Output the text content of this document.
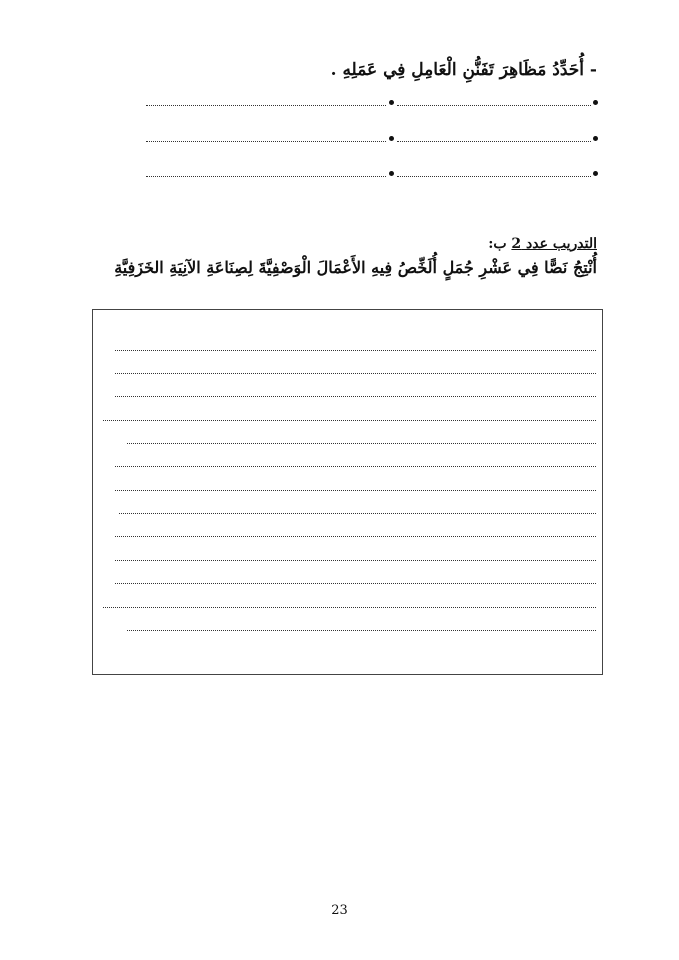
- أُحَدِّدُ مَظَاهِرَ تَفَنُّنِ الْعَامِلِ فِي عَمَلِهِ .
التدريب عدد 2 ب:
أُنْتِجُ نَصًّا فِي عَشْرِ جُمَلٍ أُلَخِّصُ فِيهِ الأَعْمَالَ الْوَصْفِيَّةَ لِصِنَاعَةِ الآنِيَةِ الخَزَفِيَّةِ
23
